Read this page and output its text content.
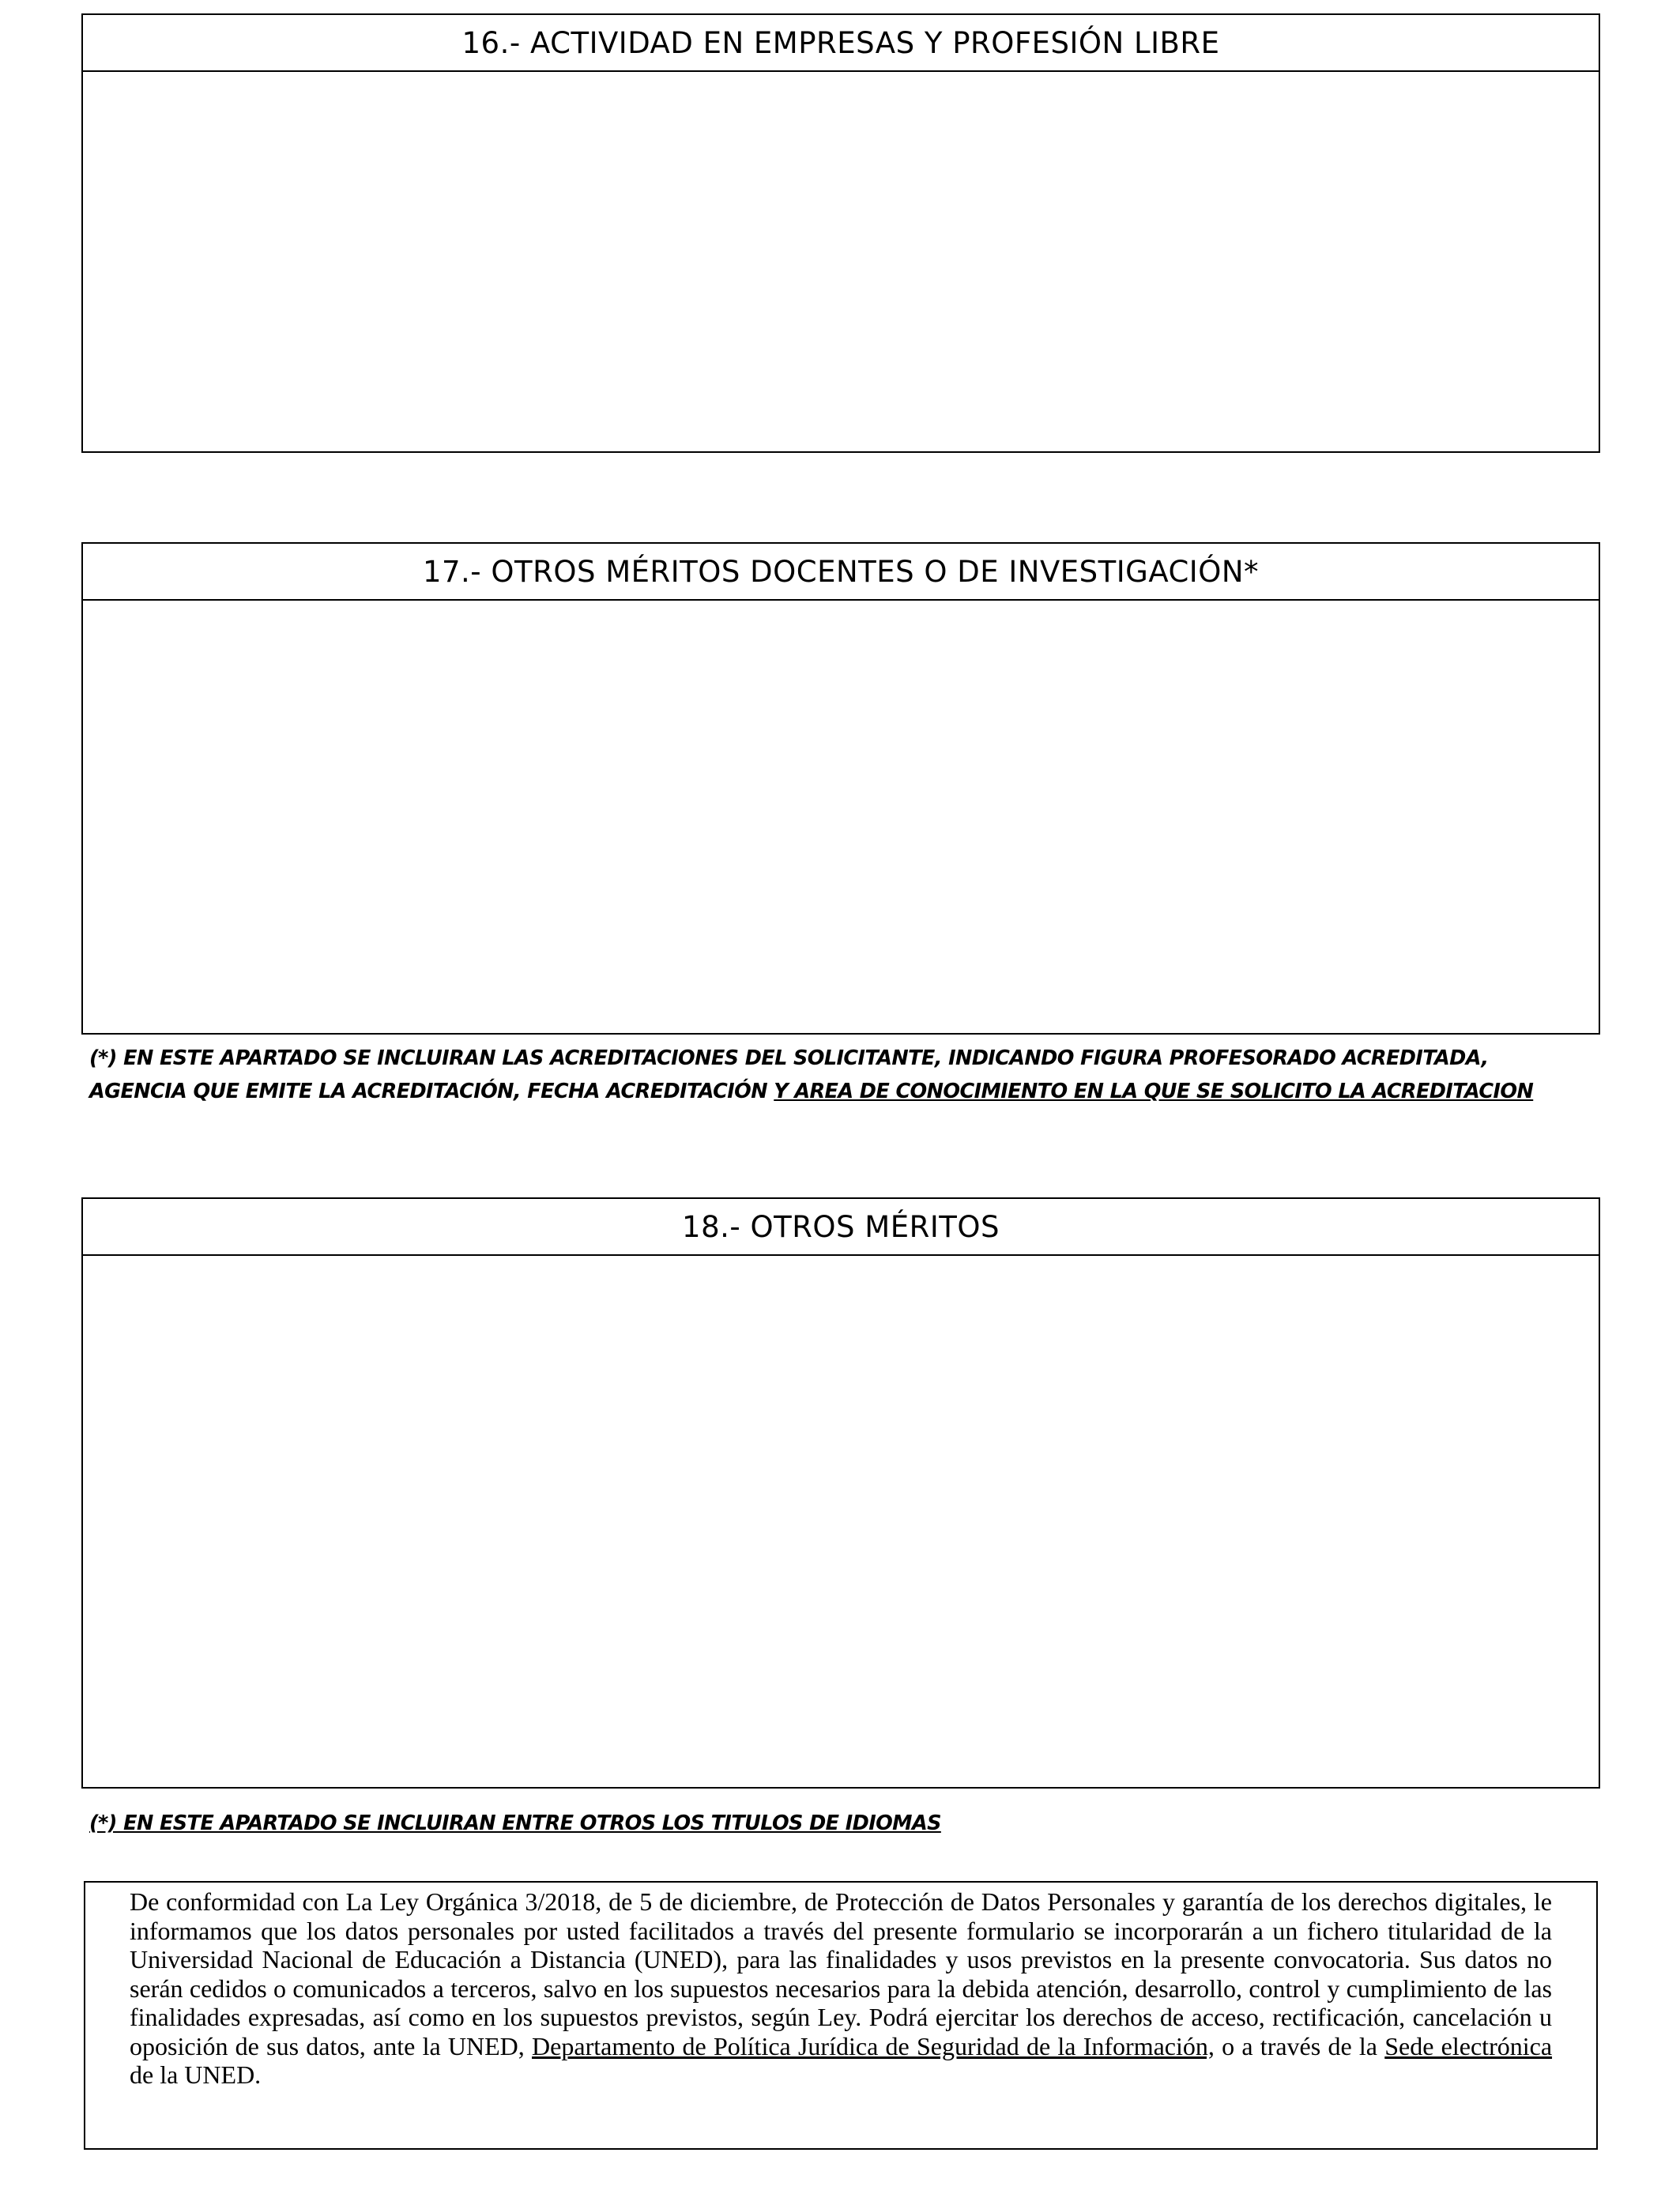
16.- ACTIVIDAD EN EMPRESAS Y PROFESIÓN LIBRE
17.- OTROS MÉRITOS DOCENTES O DE INVESTIGACIÓN*
(*) EN ESTE APARTADO SE INCLUIRAN LAS ACREDITACIONES DEL SOLICITANTE, INDICANDO FIGURA PROFESORADO ACREDITADA, AGENCIA QUE EMITE LA ACREDITACIÓN, FECHA ACREDITACIÓN Y AREA DE CONOCIMIENTO EN LA QUE SE SOLICITO LA ACREDITACION
18.- OTROS MÉRITOS
(*) EN ESTE APARTADO SE INCLUIRAN ENTRE OTROS LOS TITULOS DE IDIOMAS
De conformidad con La Ley Orgánica 3/2018, de 5 de diciembre, de Protección de Datos Personales y garantía de los derechos digitales, le informamos que los datos personales por usted facilitados a través del presente formulario se incorporarán a un fichero titularidad de la Universidad Nacional de Educación a Distancia (UNED), para las finalidades y usos previstos en la presente convocatoria. Sus datos no serán cedidos o comunicados a terceros, salvo en los supuestos necesarios para la debida atención, desarrollo, control y cumplimiento de las finalidades expresadas, así como en los supuestos previstos, según Ley. Podrá ejercitar los derechos de acceso, rectificación, cancelación u oposición de sus datos, ante la UNED, Departamento de Política Jurídica de Seguridad de la Información, o a través de la Sede electrónica de la UNED.
